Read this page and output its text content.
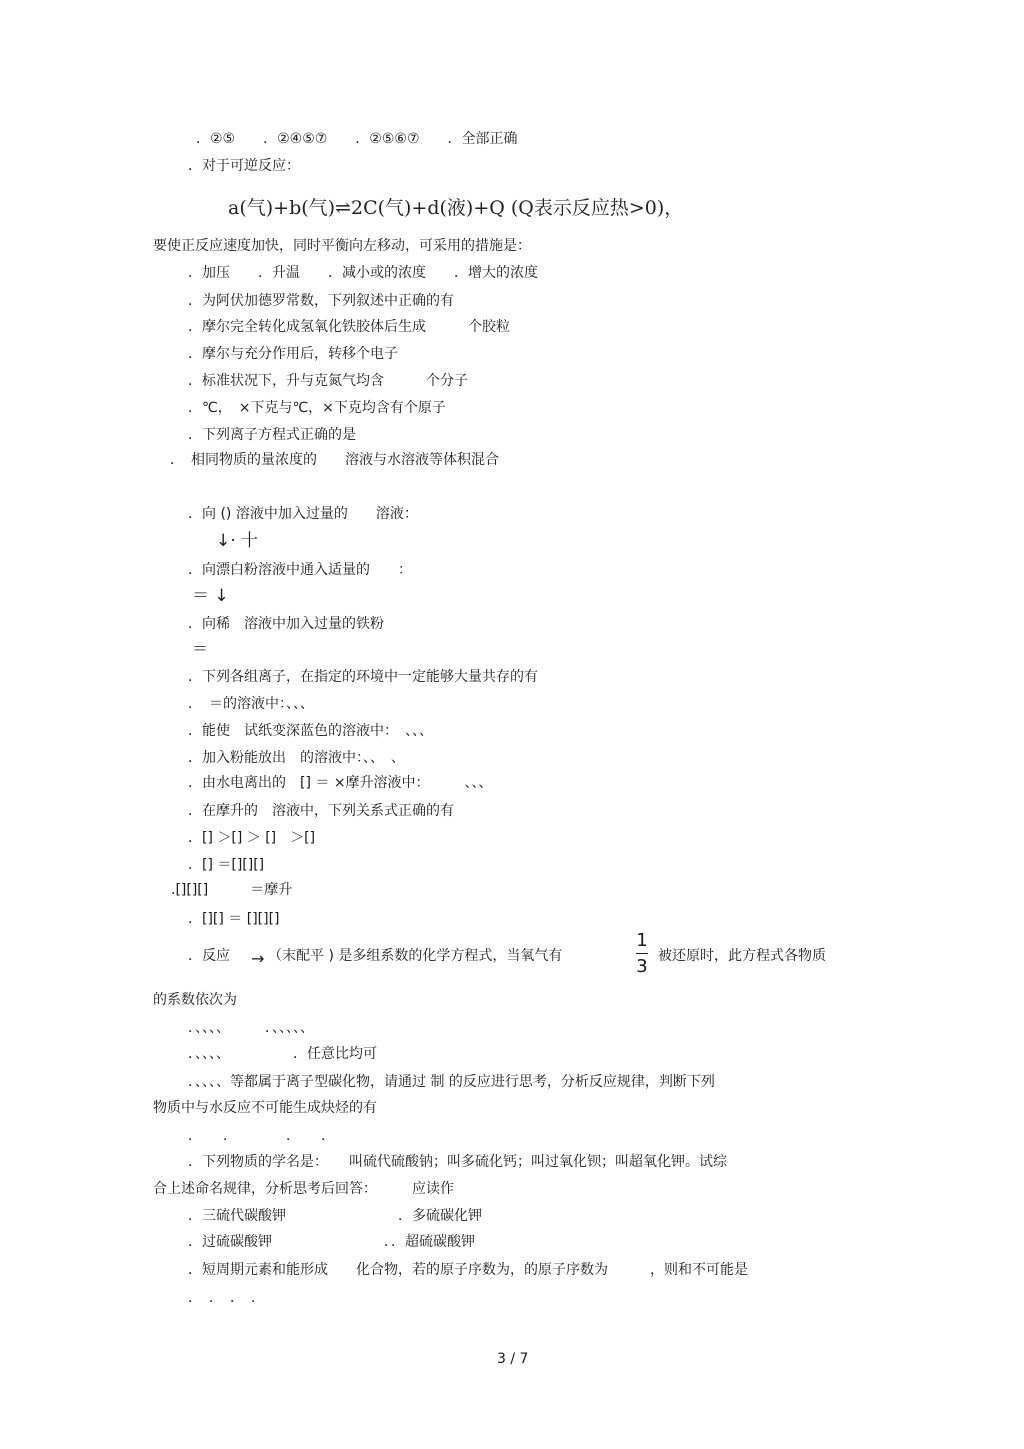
．②⑤　　．②④⑤⑦　　．②⑤⑥⑦　　．全部正确
．对于可逆反应：
a(气)+b(气)⇌2C(气)+d(液)+Q (Q表示反应热>0)，
要使正反应速度加快，同时平衡向左移动，可采用的措施是：
．加压　　．升温　　．减小或的浓度　　．增大的浓度
．为阿伏加德罗常数，下列叙述中正确的有
．摩尔完全转化成氢氧化铁胶体后生成　　　个胶粒
．摩尔与充分作用后，转移个电子
．标准状况下，升与克氮气均含　　　个分子
．℃，　×下克与℃，×下克均含有个原子
．下列离子方程式正确的是
．　相同物质的量浓度的　　溶液与水溶液等体积混合
．向 () 溶液中加入过量的　　溶液：
↓· 十
．向漂白粉溶液中通入适量的　　：
＝ ↓
．向稀　溶液中加入过量的铁粉
＝
．下列各组离子，在指定的环境中一定能够大量共存的有
．　＝的溶液中：、、、
．能使　试纸变深蓝色的溶液中：　、、、
．加入粉能放出　的溶液中：、、　、
．由水电离出的　[] ＝ ×摩升溶液中：　　　、、、
．在摩升的　溶液中，下列关系式正确的有
．[] ＞[] ＞ []　＞[]
．[] ＝[][][]
.[][][]　　　＝摩升
．[][] ＝ [][][]
．反应 → （末配平 ) 是多组系数的化学方程式，当氧气有
1
3 被还原时，此方程式各物质
的系数依次为
．、、、、　　　．、、、、、
．、、、、　　　　　．任意比均可
．、、、、等都属于离子型碳化物，请通过 制 的反应进行思考，分析反应规律，判断下列
物质中与水反应不可能生成炔烃的有
．　　．　　　　．　　．
．下列物质的学名是：　　叫硫代硫酸钠；叫多硫化钙；叫过氧化钡；叫超氧化钾。试综
合上述命名规律，分析思考后回答：　　　应读作
．三硫代碳酸钾　　　　　　　　．多硫碳化钾
．过硫碳酸钾　　　　　　　　．．超硫碳酸钾
．短周期元素和能形成　　化合物，若的原子序数为，的原子序数为　　　，则和不可能是
．　．　．　．
3 / 7
